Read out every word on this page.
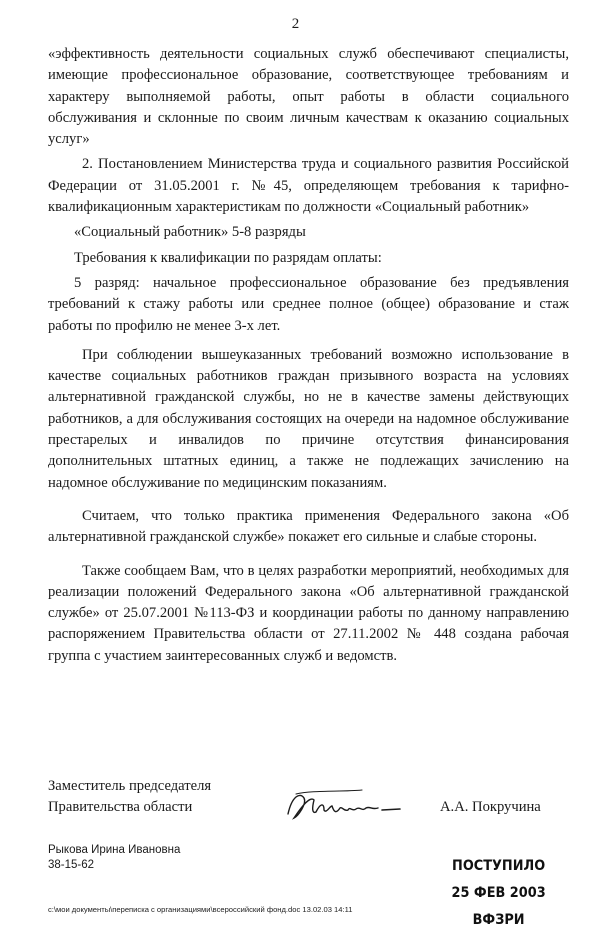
2

«эффективность деятельности социальных служб обеспечивают специалисты, имеющие профессиональное образование, соответствующее требованиям и характеру выполняемой работы, опыт работы в области социального обслуживания и склонные по своим личным качествам к оказанию социальных услуг»

2. Постановлением Министерства труда и социального развития Российской Федерации от 31.05.2001 г. №45, определяющем требования к тарифно-квалификационным характеристикам по должности «Социальный работник»

«Социальный работник» 5-8 разряды

Требования к квалификации по разрядам оплаты:

5 разряд: начальное профессиональное образование без предъявления требований к стажу работы или среднее полное (общее) образование и стаж работы по профилю не менее 3-х лет.

При соблюдении вышеуказанных требований возможно использование в качестве социальных работников граждан призывного возраста на условиях альтернативной гражданской службы, но не в качестве замены действующих работников, а для обслуживания состоящих на очереди на надомное обслуживание престарелых и инвалидов по причине отсутствия финансирования дополнительных штатных единиц, а также не подлежащих зачислению на надомное обслуживание по медицинским показаниям.

Считаем, что только практика применения Федерального закона «Об альтернативной гражданской службе» покажет его сильные и слабые стороны.

Также сообщаем Вам, что в целях разработки мероприятий, необходимых для реализации положений Федерального закона «Об альтернативной гражданской службе» от 25.07.2001 №113-ФЗ и координации работы по данному направлению распоряжением Правительства области от 27.11.2002 № 448 создана рабочая группа с участием заинтересованных служб и ведомств.

Заместитель председателя
Правительства области	А.А. Покручина
Рыкова Ирина Ивановна
38-15-62	ПОСТУПИЛО
25 ФЕВ 2003
ВФЗРИ
c:\мои документы\переписка с организациями\всероссийский фонд.doc 13.02.03 14:11
